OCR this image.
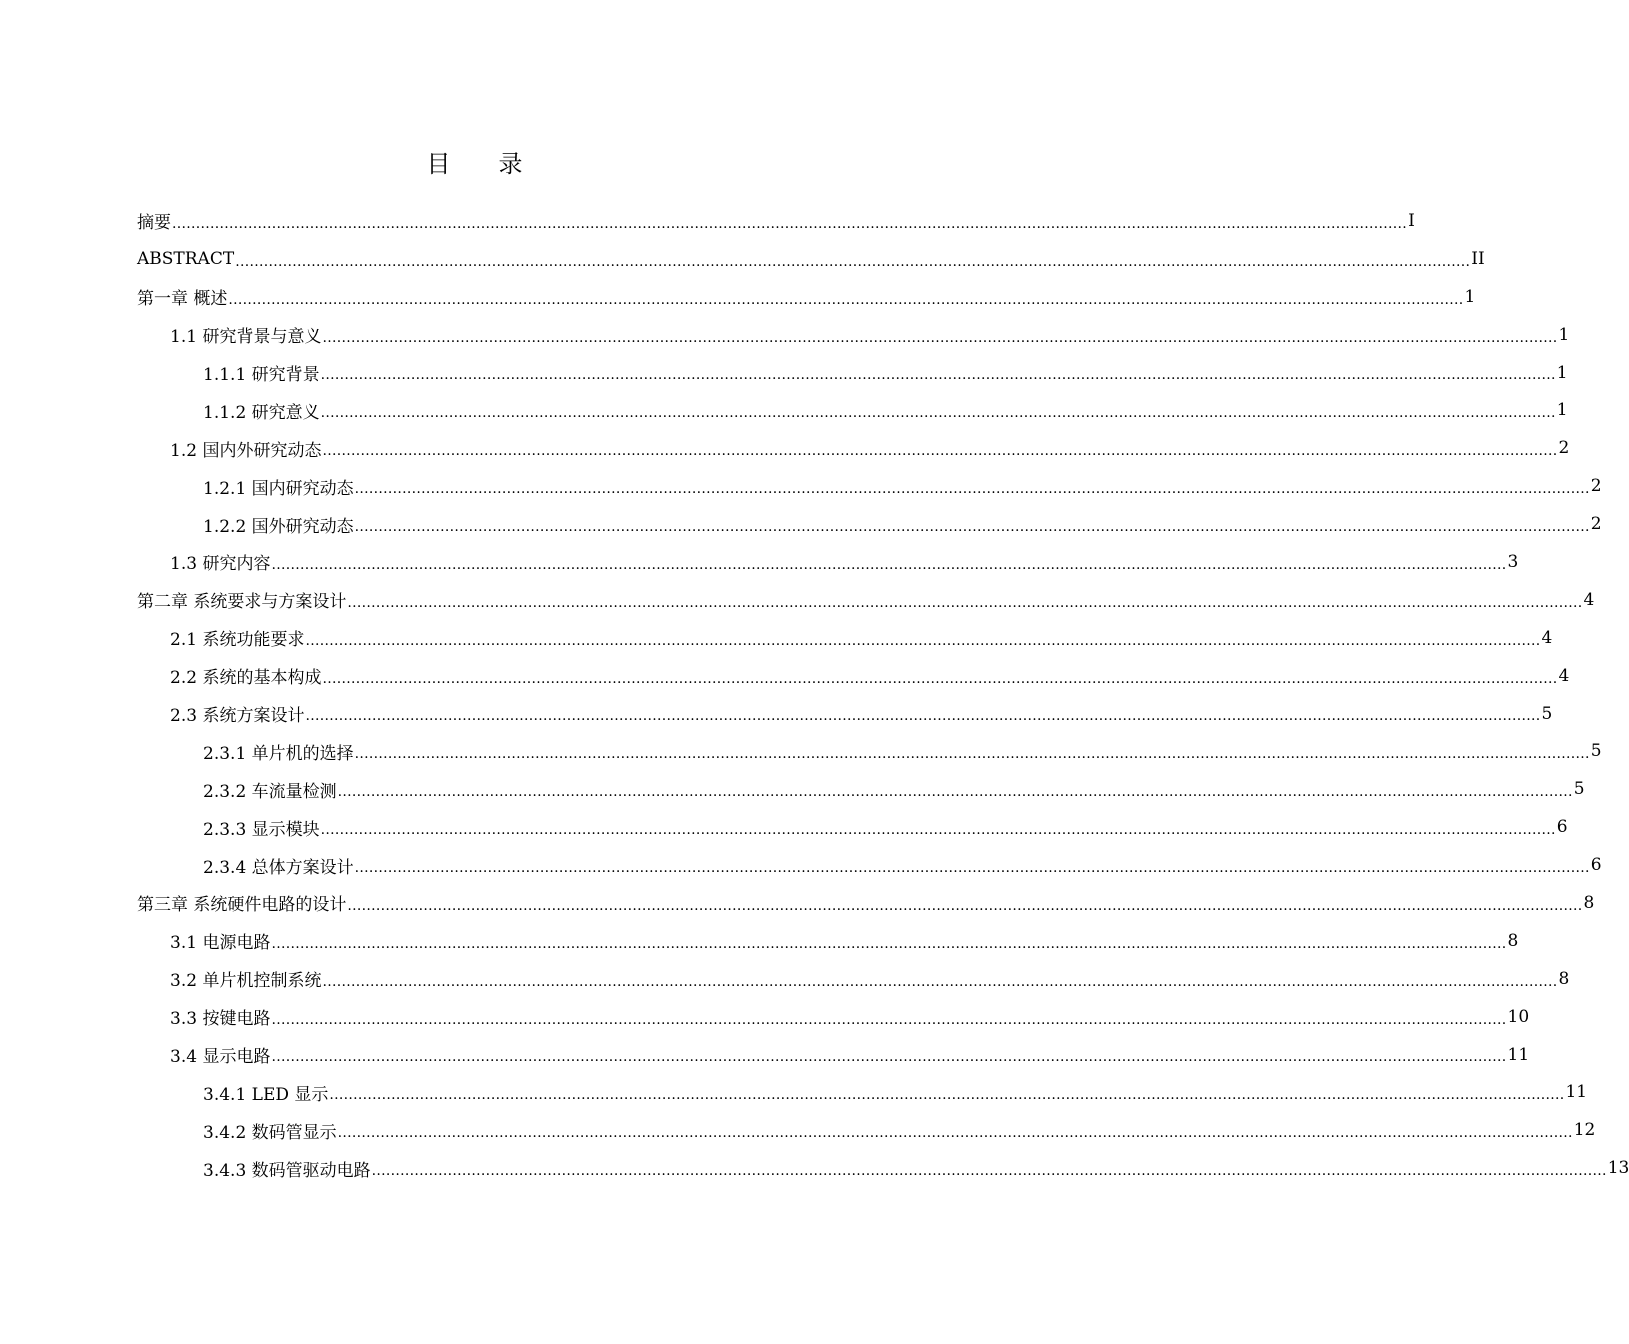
目录
摘要 .................................................................................................................................................................................................................................................................... I
ABSTRACT .................................................................................................................................................................................................................................................................... II
第一章 概述 .................................................................................................................................................................................................................................................................... 1
1.1 研究背景与意义 .................................................................................................................................................................................................................................................................... 1
1.1.1 研究背景 .................................................................................................................................................................................................................................................................... 1
1.1.2 研究意义 .................................................................................................................................................................................................................................................................... 1
1.2 国内外研究动态 .................................................................................................................................................................................................................................................................... 2
1.2.1 国内研究动态 .................................................................................................................................................................................................................................................................... 2
1.2.2 国外研究动态 .................................................................................................................................................................................................................................................................... 2
1.3 研究内容 .................................................................................................................................................................................................................................................................... 3
第二章 系统要求与方案设计 .................................................................................................................................................................................................................................................................... 4
2.1 系统功能要求 .................................................................................................................................................................................................................................................................... 4
2.2 系统的基本构成 .................................................................................................................................................................................................................................................................... 4
2.3 系统方案设计 .................................................................................................................................................................................................................................................................... 5
2.3.1 单片机的选择 .................................................................................................................................................................................................................................................................... 5
2.3.2 车流量检测 .................................................................................................................................................................................................................................................................... 5
2.3.3 显示模块 .................................................................................................................................................................................................................................................................... 6
2.3.4 总体方案设计 .................................................................................................................................................................................................................................................................... 6
第三章 系统硬件电路的设计 .................................................................................................................................................................................................................................................................... 8
3.1 电源电路 .................................................................................................................................................................................................................................................................... 8
3.2 单片机控制系统 .................................................................................................................................................................................................................................................................... 8
3.3 按键电路 .................................................................................................................................................................................................................................................................... 10
3.4 显示电路 .................................................................................................................................................................................................................................................................... 11
3.4.1 LED 显示 .................................................................................................................................................................................................................................................................... 11
3.4.2 数码管显示 .................................................................................................................................................................................................................................................................... 12
3.4.3 数码管驱动电路 .................................................................................................................................................................................................................................................................... 13
